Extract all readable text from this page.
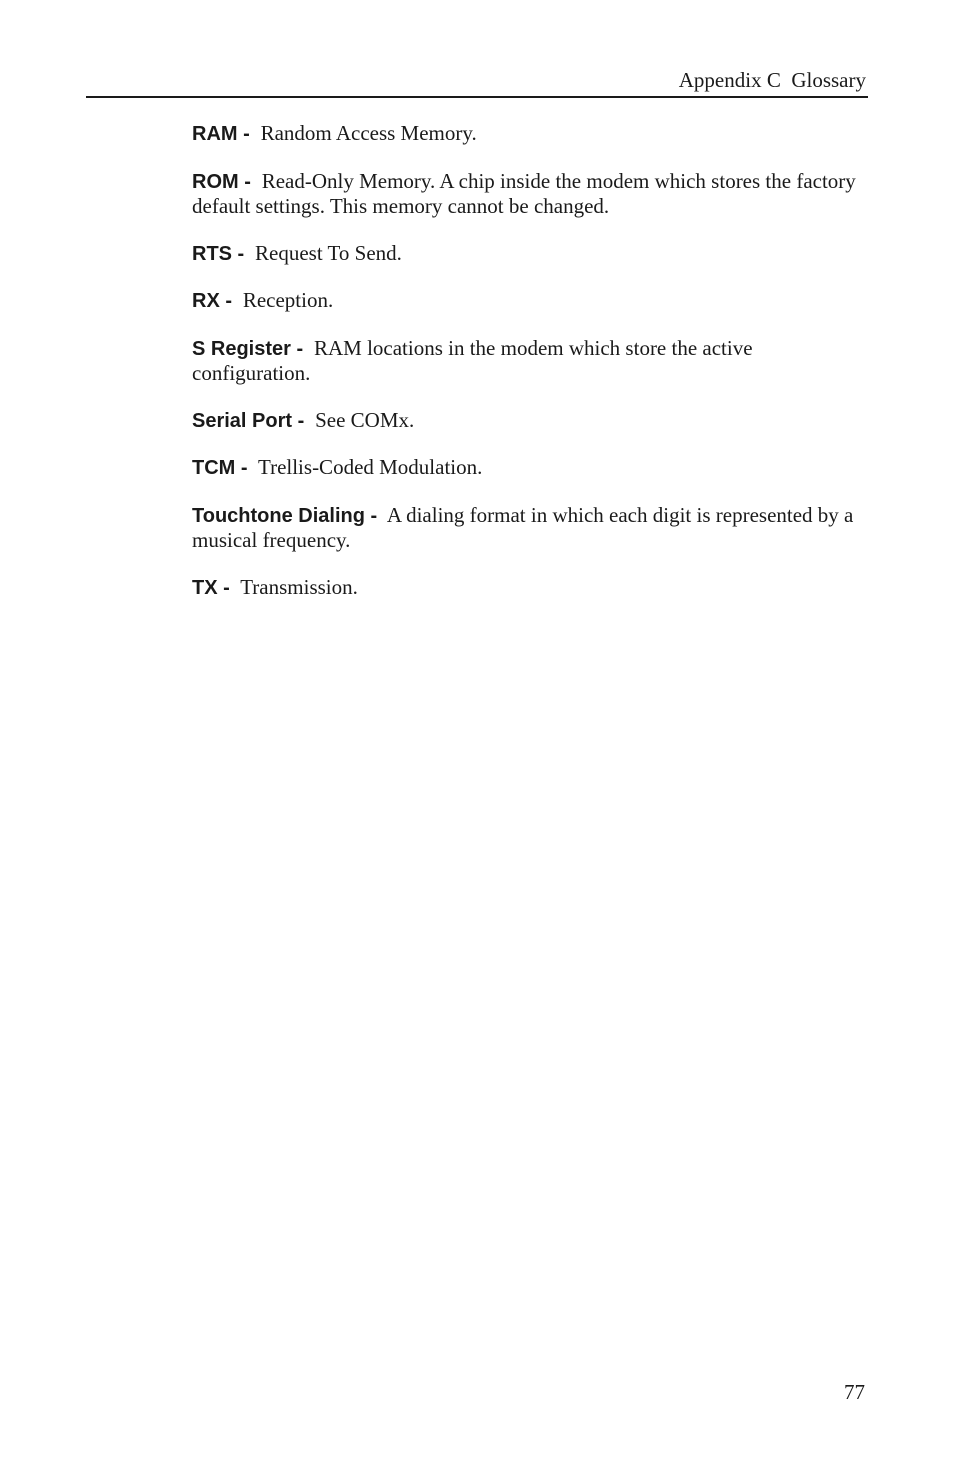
Appendix C  Glossary

RAM -  Random Access Memory.

ROM -  Read-Only Memory. A chip inside the modem which stores the factory default settings. This memory cannot be changed.

RTS -  Request To Send.

RX -  Reception.

S Register -  RAM locations in the modem which store the active configuration.

Serial Port -  See COMx.

TCM -  Trellis-Coded Modulation.

Touchtone Dialing -  A dialing format in which each digit is represented by a musical frequency.

TX -  Transmission.

77
